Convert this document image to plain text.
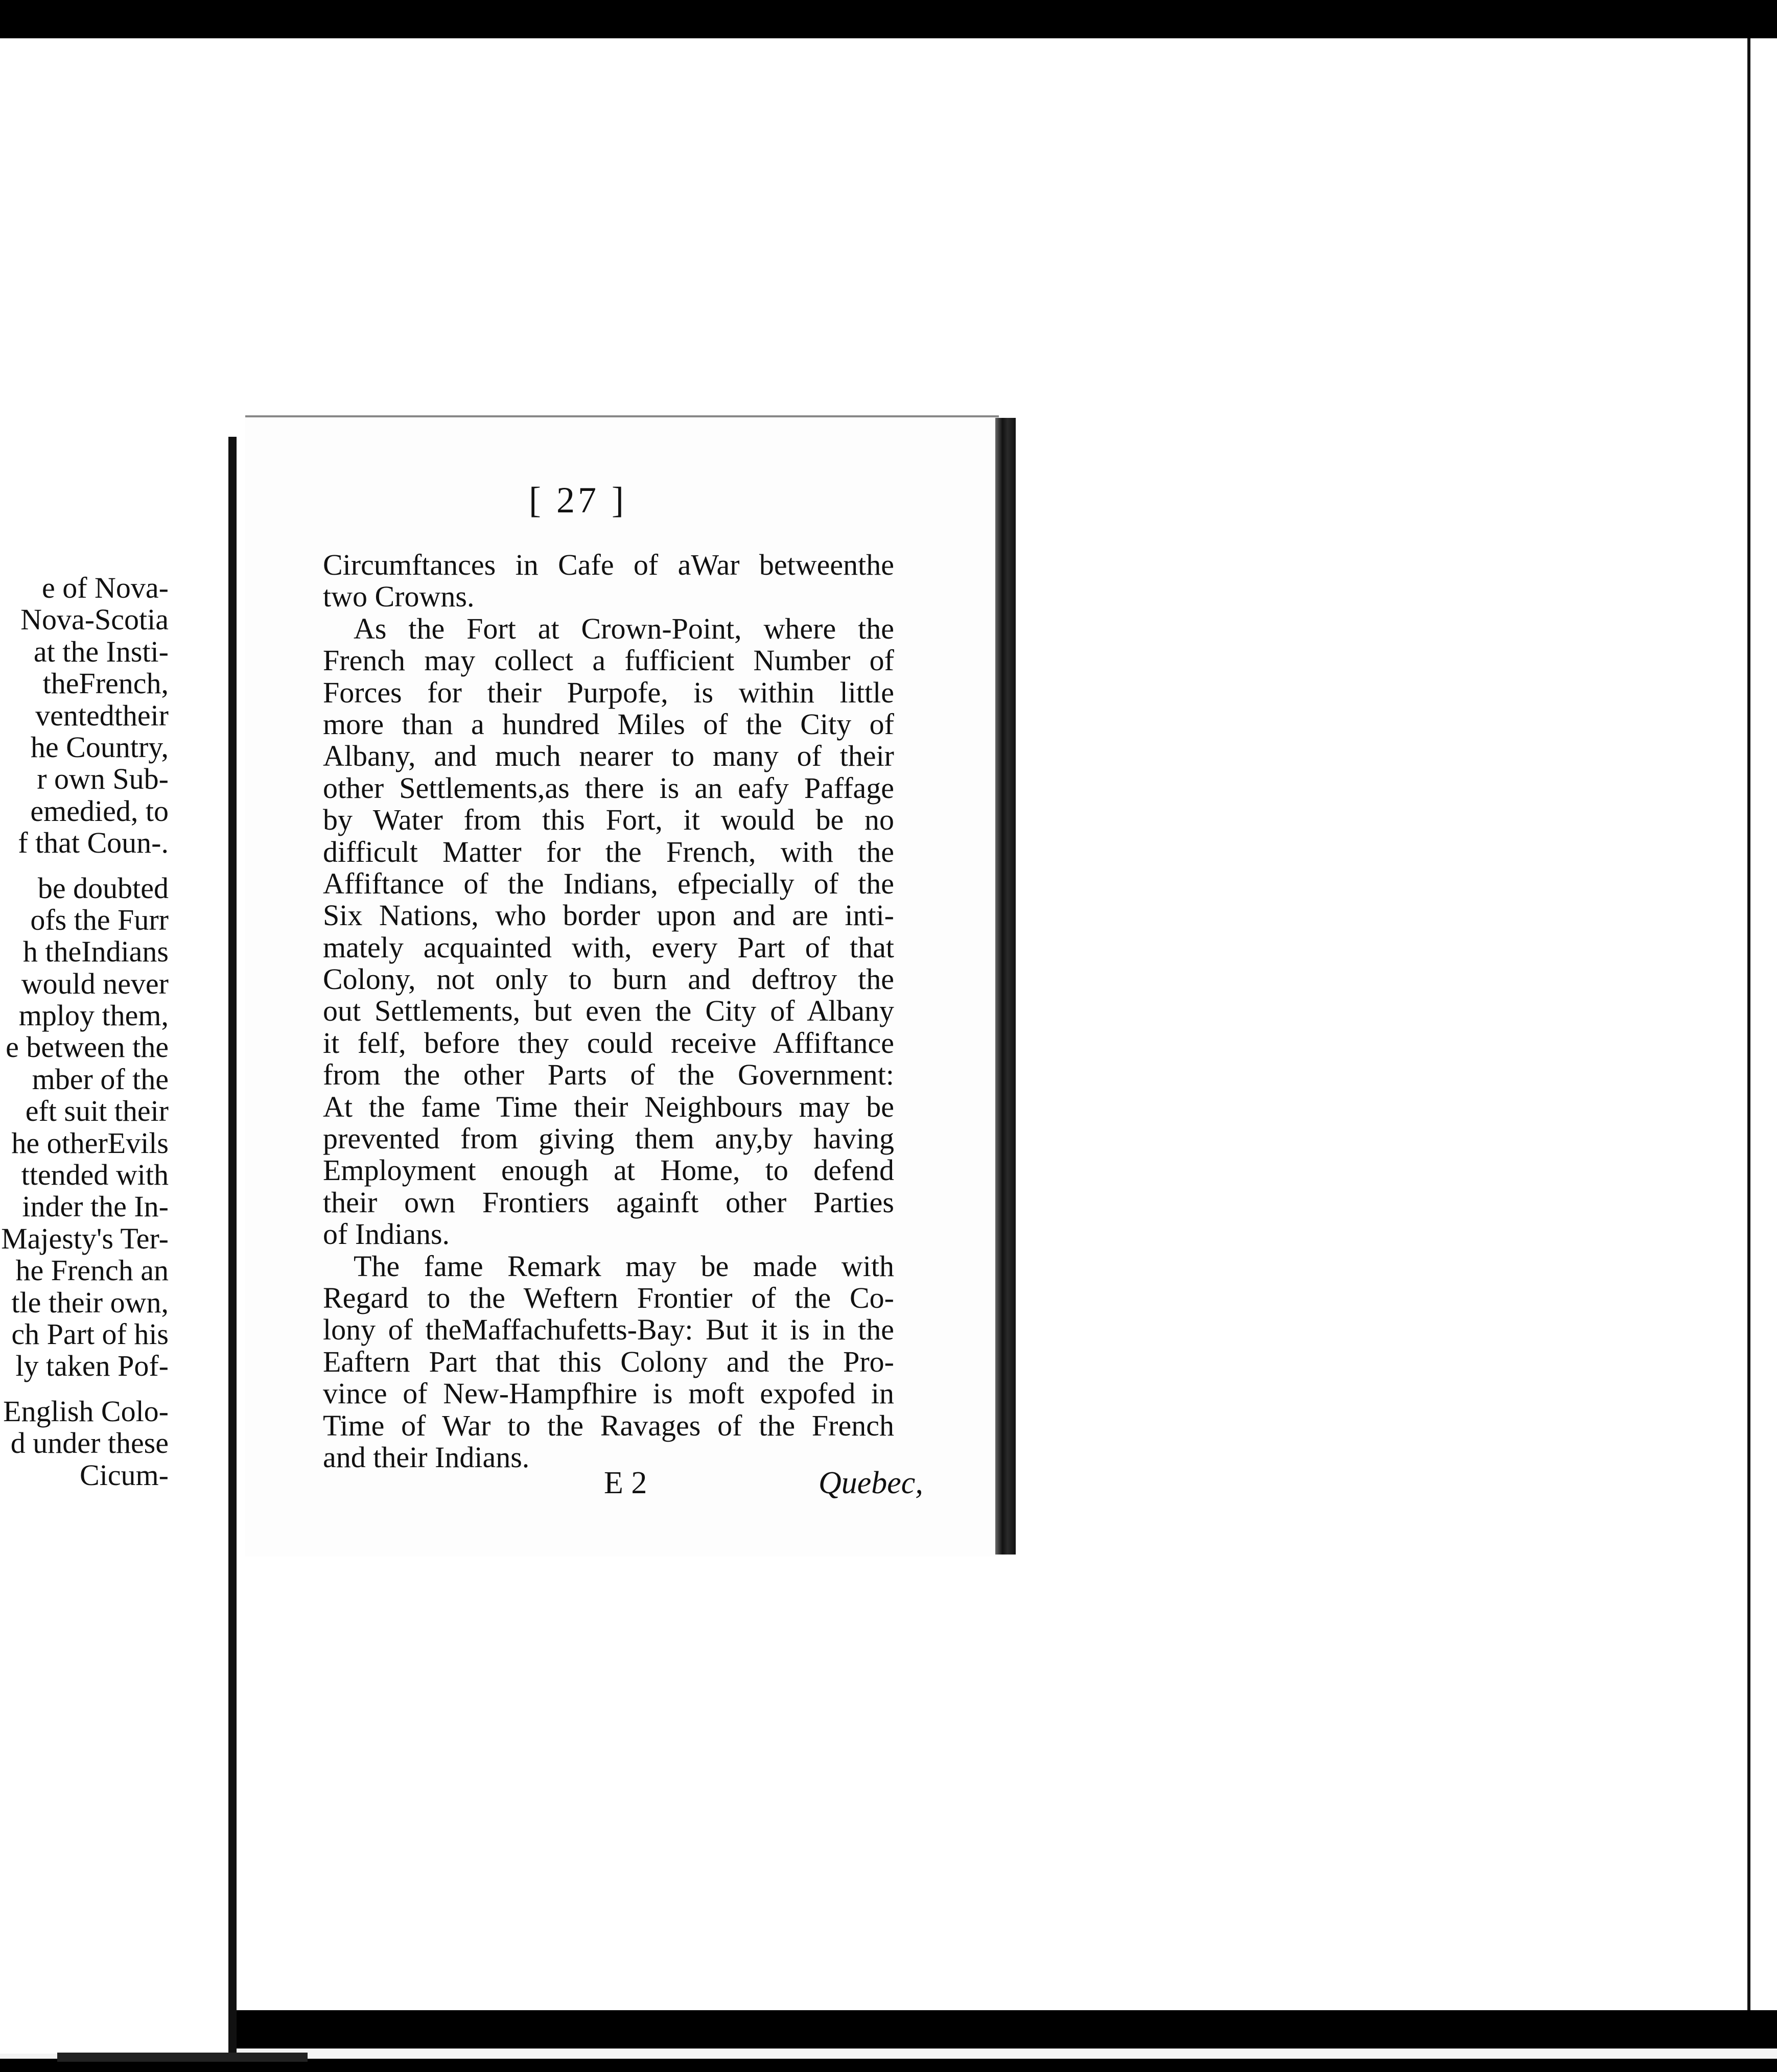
e of Nova-
Nova-Scotia
at the Insti-
theFrench,
ventedtheir
he Country,
r own Sub-
emedied, to
f that Coun-.
be doubted
ofs the Furr
h theIndians
would never
mploy them,
e between the
mber of the
eft suit their
he otherEvils
ttended with
inder the In-
Majesty's Ter-
he French an
tle their own,
ch Part of his
ly taken Pof-
English Colo-
d under these
Cicum-
[ 27 ]
Circumftances in Cafe of aWar betweenthe
two Crowns.
As the Fort at Crown-Point, where the
French may collect a fufficient Number of
Forces for their Purpofe, is within little
more than a hundred Miles of the City of
Albany, and much nearer to many of their
other Settlements,as there is an eafy Paffage
by Water from this Fort, it would be no
difficult Matter for the French, with the
Affiftance of the Indians, efpecially of the
Six Nations, who border upon and are inti-
mately acquainted with, every Part of that
Colony, not only to burn and deftroy the
out Settlements, but even the City of Albany
it felf, before they could receive Affiftance
from the other Parts of the Government:
At the fame Time their Neighbours may be
prevented from giving them any,by having
Employment enough at Home, to defend
their own Frontiers againft other Parties
of Indians.
The fame Remark may be made with
Regard to the Weftern Frontier of the Co-
lony of theMaffachufetts-Bay: But it is in the
Eaftern Part that this Colony and the Pro-
vince of New-Hampfhire is moft expofed in
Time of War to the Ravages of the French
and their Indians.
E 2	Quebec,
